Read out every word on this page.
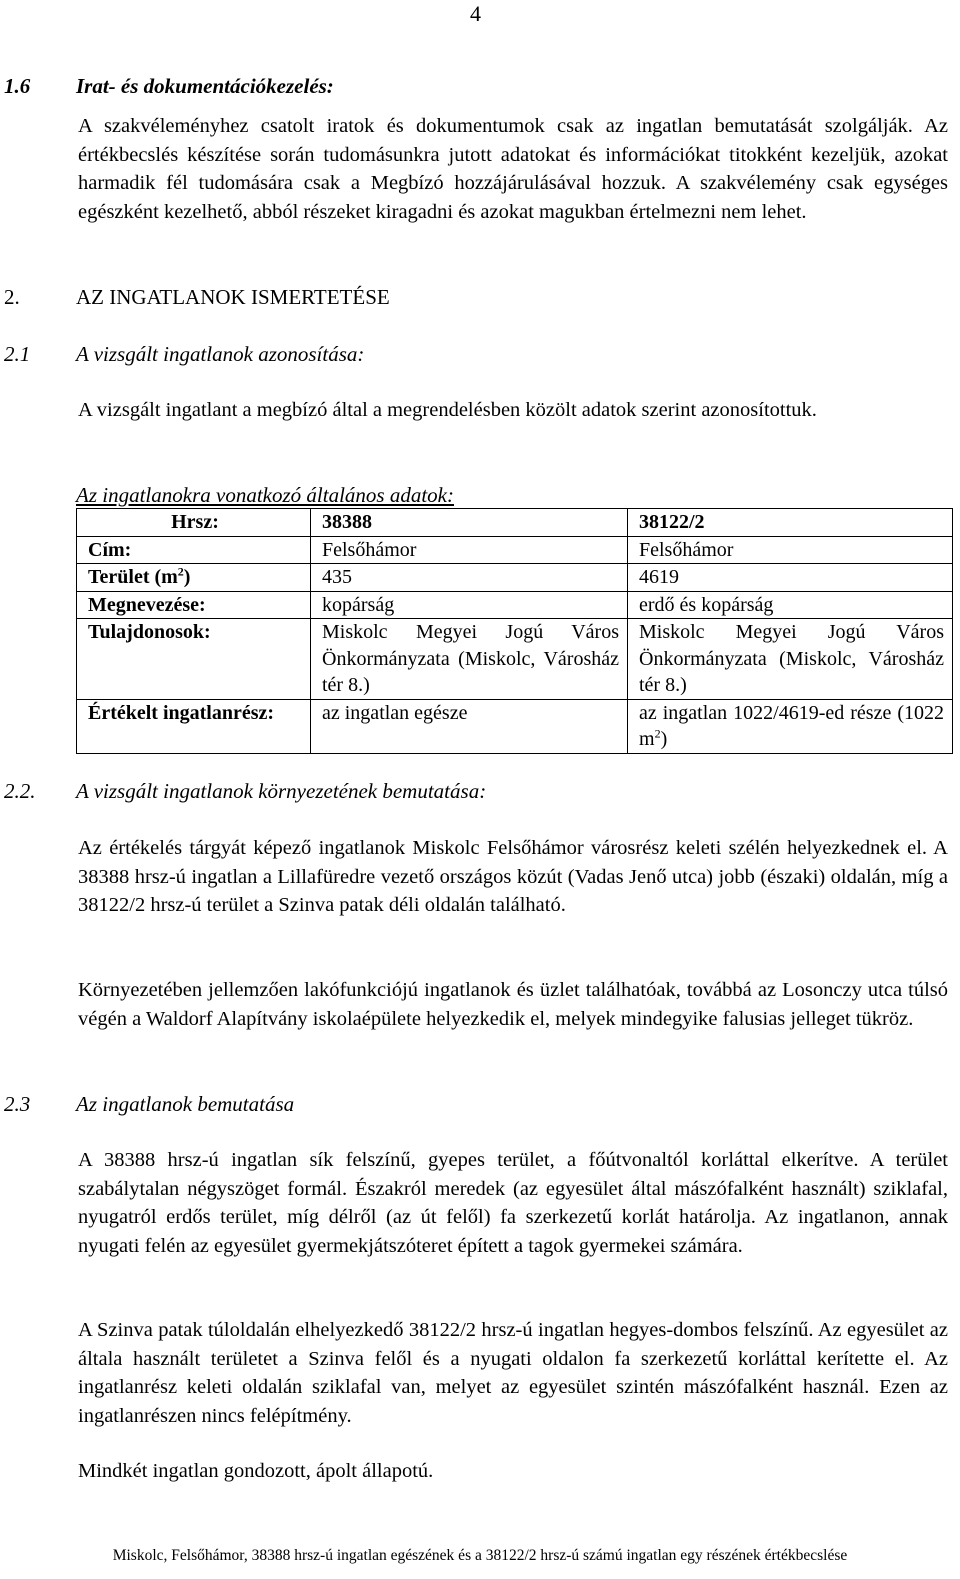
4
1.6 Irat- és dokumentációkezelés:

A szakvéleményhez csatolt iratok és dokumentumok csak az ingatlan bemutatását szolgálják. Az értékbecslés készítése során tudomásunkra jutott adatokat és információkat titokként kezeljük, azokat harmadik fél tudomására csak a Megbízó hozzájárulásával hozzuk. A szakvélemény csak egységes egészként kezelhető, abból részeket kiragadni és azokat magukban értelmezni nem lehet.

2.	AZ INGATLANOK ISMERTETÉSE
2.1 A vizsgált ingatlanok azonosítása:

A vizsgált ingatlant a megbízó által a megrendelésben közölt adatok szerint azonosítottuk.

Az ingatlanokra vonatkozó általános adatok:
Hrsz:	38388	38122/2
Cím:	Felsőhámor	Felsőhámor
Terület $(m^2)$	435	4619
Megnevezése:	kopárság	erdő és kopárság
Tulajdonosok:	Miskolc Megyei Jogú Város Önkormányzata (Miskolc, Városház tér 8.)	Miskolc Megyei Jogú Város Önkormányzata (Miskolc, Városház tér 8.)
Értékelt ingatlanrész:	az ingatlan egésze	az ingatlan 1022/4619-ed része (1022 $m^2$)
2.2. A vizsgált ingatlanok környezetének bemutatása:

Az értékelés tárgyát képező ingatlanok Miskolc Felsőhámor városrész keleti szélén helyezkednek el. A 38388 hrsz-ú ingatlan a Lillafüredre vezető országos közút (Vadas Jenő utca) jobb (északi) oldalán, míg a 38122/2 hrsz-ú terület a Szinva patak déli oldalán található.

Környezetében jellemzően lakófunkciójú ingatlanok és üzlet találhatóak, továbbá az Losonczy utca túlsó végén a Waldorf Alapítvány iskolaépülete helyezkedik el, melyek mindegyike falusias jelleget tükröz.

2.3 Az ingatlanok bemutatása

A 38388 hrsz-ú ingatlan sík felszínű, gyepes terület, a főútvonaltól korláttal elkerítve. A terület szabálytalan négyszöget formál. Északról meredek (az egyesület által mászófalként használt) sziklafal, nyugatról erdős terület, míg délről (az út felől) fa szerkezetű korlát határolja. Az ingatlanon, annak nyugati felén az egyesület gyermekjátszóteret épített a tagok gyermekei számára.

A Szinva patak túloldalán elhelyezkedő 38122/2 hrsz-ú ingatlan hegyes-dombos felszínű. Az egyesület az általa használt területet a Szinva felől és a nyugati oldalon fa szerkezetű korláttal kerítette el. Az ingatlanrész keleti oldalán sziklafal van, melyet az egyesület szintén mászófalként használ. Ezen az ingatlanrészen nincs felépítmény.

Mindkét ingatlan gondozott, ápolt állapotú.

Miskolc, Felsőhámor, 38388 hrsz-ú ingatlan egészének és a 38122/2 hrsz-ú számú ingatlan egy részének értékbecslése
